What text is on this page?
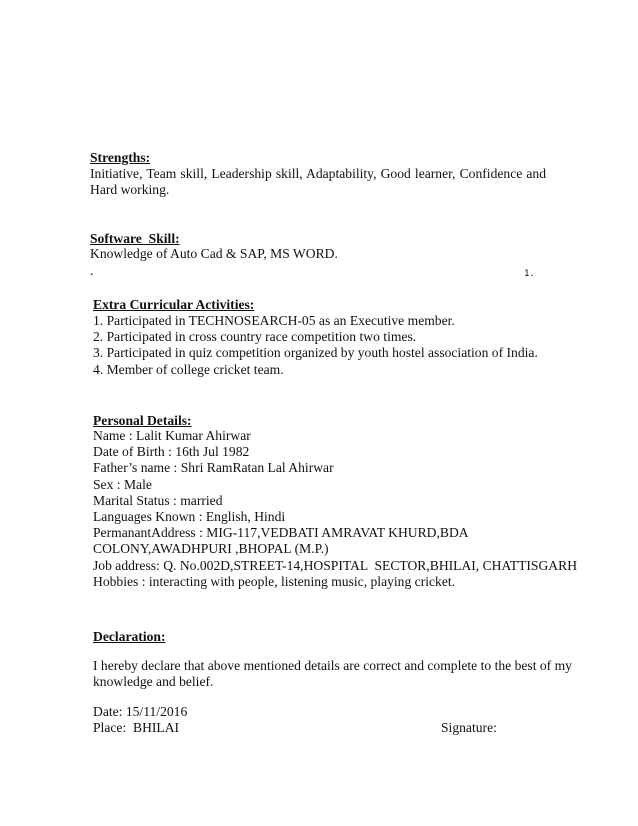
Strengths:
Initiative, Team skill, Leadership skill, Adaptability, Good learner, Confidence and Hard working.
Software  Skill:
Knowledge of Auto Cad & SAP, MS WORD.
.	1.
Extra Curricular Activities:
1. Participated in TECHNOSEARCH-05 as an Executive member.
2. Participated in cross country race competition two times.
3. Participated in quiz competition organized by youth hostel association of India.
4. Member of college cricket team.
Personal Details:
Name : Lalit Kumar Ahirwar
Date of Birth : 16th Jul 1982
Father’s name : Shri RamRatan Lal Ahirwar
Sex : Male
Marital Status : married
Languages Known : English, Hindi
PermanantAddress : MIG-117,VEDBATI AMRAVAT KHURD,BDA
COLONY,AWADHPURI ,BHOPAL (M.P.)
Job address: Q. No.002D,STREET-14,HOSPITAL  SECTOR,BHILAI, CHATTISGARH
Hobbies : interacting with people, listening music, playing cricket.
Declaration:
I hereby declare that above mentioned details are correct and complete to the best of my
knowledge and belief.
Date: 15/11/2016
Place:  BHILAI	Signature:
